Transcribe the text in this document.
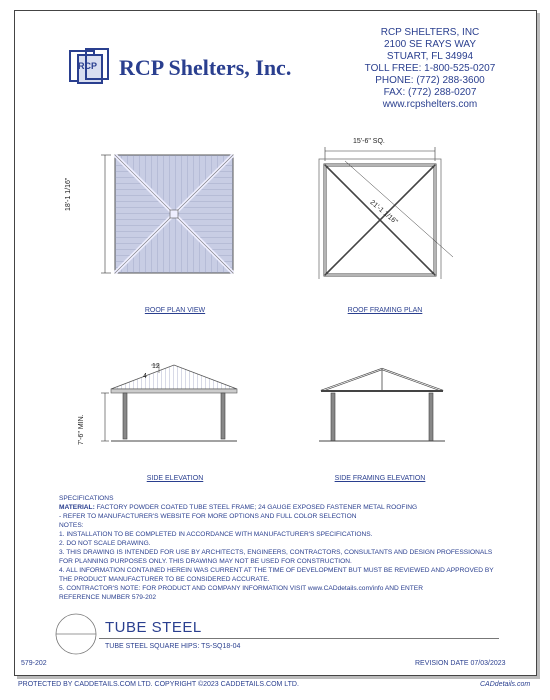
RCP RCP Shelters, Inc.
RCP SHELTERS, INC
2100 SE RAYS WAY
STUART, FL 34994
TOLL FREE: 1-800-525-0207
PHONE: (772) 288-3600
FAX: (772) 288-0207
www.rcpshelters.com
18'-1 1/16"
ROOF PLAN VIEW
15'-6" SQ.
21'-1 1/16"
ROOF FRAMING PLAN
4
12
7'-6" MIN.
SIDE ELEVATION	SIDE FRAMING ELEVATION
SPECIFICATIONS
MATERIAL: FACTORY POWDER COATED TUBE STEEL FRAME; 24 GAUGE EXPOSED FASTENER METAL ROOFING
- REFER TO MANUFACTURER'S WEBSITE FOR MORE OPTIONS AND FULL COLOR SELECTION
NOTES:
1. INSTALLATION TO BE COMPLETED IN ACCORDANCE WITH MANUFACTURER'S SPECIFICATIONS.
2. DO NOT SCALE DRAWING.
3. THIS DRAWING IS INTENDED FOR USE BY ARCHITECTS, ENGINEERS, CONTRACTORS, CONSULTANTS AND DESIGN PROFESSIONALS
FOR PLANNING PURPOSES ONLY. THIS DRAWING MAY NOT BE USED FOR CONSTRUCTION.
4. ALL INFORMATION CONTAINED HEREIN WAS CURRENT AT THE TIME OF DEVELOPMENT BUT MUST BE REVIEWED AND APPROVED BY
THE PRODUCT MANUFACTURER TO BE CONSIDERED ACCURATE.
5. CONTRACTOR'S NOTE: FOR PRODUCT AND COMPANY INFORMATION VISIT www.CADdetails.com/info AND ENTER
REFERENCE NUMBER 579-202
TUBE STEEL
TUBE STEEL SQUARE HIPS: TS-SQ18-04
579-202	REVISION DATE 07/03/2023
PROTECTED BY CADDETAILS.COM LTD. COPYRIGHT ©2023 CADDETAILS.COM LTD.	CADdetails.com
